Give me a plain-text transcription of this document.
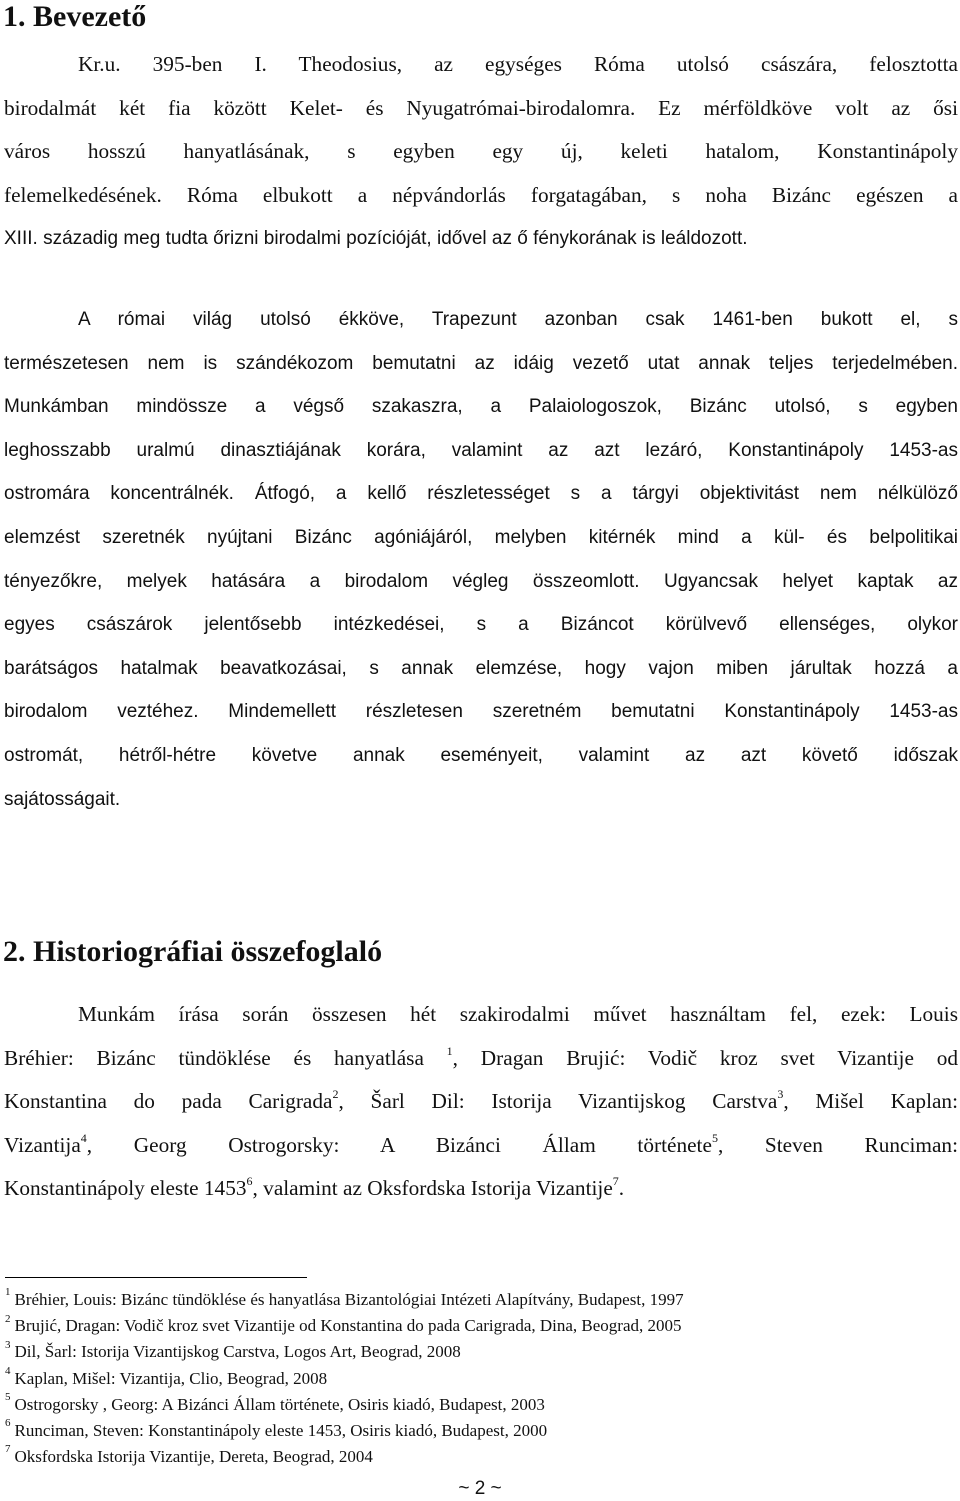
1. Bevezető
Kr.u. 395-ben I. Theodosius, az egységes Róma utolsó császára, felosztotta
birodalmát két fia között Kelet- és Nyugatrómai-birodalomra. Ez mérföldköve volt az ősi
város hosszú hanyatlásának, s egyben egy új, keleti hatalom, Konstantinápoly
felemelkedésének. Róma elbukott a népvándorlás forgatagában, s noha Bizánc egészen a
XIII. századig meg tudta őrizni birodalmi pozícióját, idővel az ő fénykorának is leáldozott.
A római világ utolsó ékköve, Trapezunt azonban csak 1461-ben bukott el, s
természetesen nem is szándékozom bemutatni az idáig vezető utat annak teljes terjedelmében.
Munkámban mindössze a végső szakaszra, a Palaiologoszok, Bizánc utolsó, s egyben
leghosszabb uralmú dinasztiájának korára, valamint az azt lezáró, Konstantinápoly 1453-as
ostromára koncentrálnék. Átfogó, a kellő részletességet s a tárgyi objektivitást nem nélkülöző
elemzést szeretnék nyújtani Bizánc agóniájáról, melyben kitérnék mind a kül- és belpolitikai
tényezőkre, melyek hatására a birodalom végleg összeomlott. Ugyancsak helyet kaptak az
egyes császárok jelentősebb intézkedései, s a Bizáncot körülvevő ellenséges, olykor
barátságos hatalmak beavatkozásai, s annak elemzése, hogy vajon miben járultak hozzá a
birodalom veztéhez. Mindemellett részletesen szeretném bemutatni Konstantinápoly 1453-as
ostromát, hétről-hétre követve annak eseményeit, valamint az azt követő időszak
sajátosságait.
2. Historiográfiai összefoglaló
Munkám írása során összesen hét szakirodalmi művet használtam fel, ezek: Louis
Bréhier: Bizánc tündöklése és hanyatlása $^1$, Dragan Brujić: Vodič kroz svet Vizantije od
Konstantina do pada Carigrada$^2$, Šarl Dil: Istorija Vizantijskog Carstva$^3$, Mišel Kaplan:
Vizantija$^4$, Georg Ostrogorsky: A Bizánci Állam története$^5$, Steven Runciman:
Konstantinápoly eleste 1453$^6$, valamint az Oksfordska Istorija Vizantije$^7$.
$^1$ Bréhier, Louis: Bizánc tündöklése és hanyatlása Bizantológiai Intézeti Alapítvány, Budapest, 1997
$^2$ Brujić, Dragan: Vodič kroz svet Vizantije od Konstantina do pada Carigrada, Dina, Beograd, 2005
$^3$ Dil, Šarl: Istorija Vizantijskog Carstva, Logos Art, Beograd, 2008
$^4$ Kaplan, Mišel: Vizantija, Clio, Beograd, 2008
$^5$ Ostrogorsky , Georg: A Bizánci Állam története, Osiris kiadó, Budapest, 2003
$^6$ Runciman, Steven: Konstantinápoly eleste 1453, Osiris kiadó, Budapest, 2000
$^7$ Oksfordska Istorija Vizantije, Dereta, Beograd, 2004
~ 2 ~
